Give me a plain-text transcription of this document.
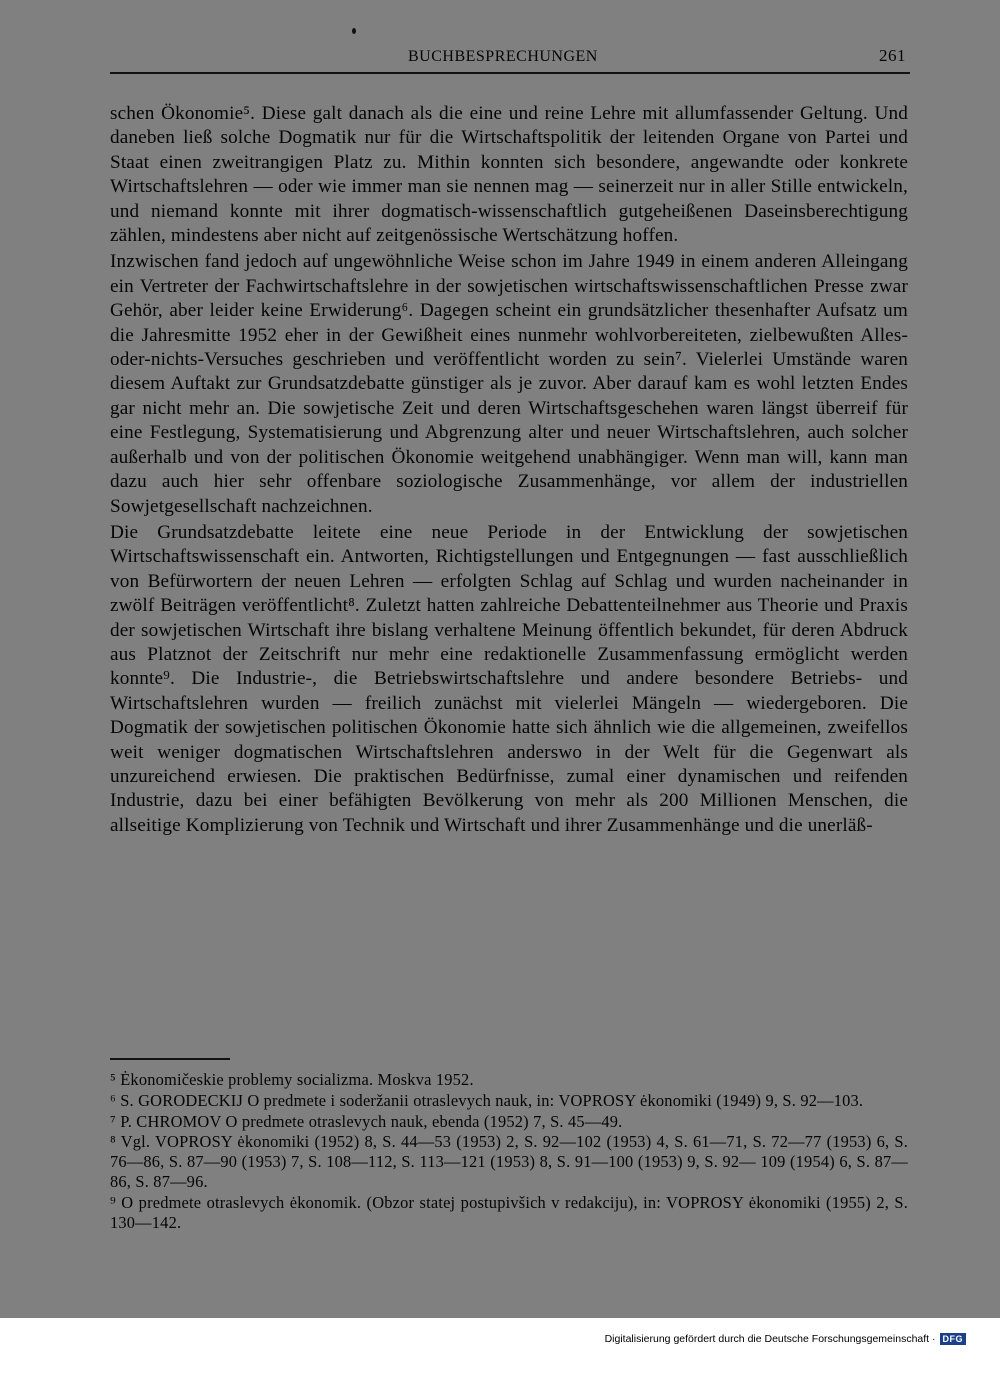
BUCHBESPRECHUNGEN	261

schen Ökonomie⁵. Diese galt danach als die eine und reine Lehre mit allumfassender Geltung. Und daneben ließ solche Dogmatik nur für die Wirtschaftspolitik der leitenden Organe von Partei und Staat einen zweitrangigen Platz zu. Mithin konnten sich besondere, angewandte oder konkrete Wirtschaftslehren — oder wie immer man sie nennen mag — seinerzeit nur in aller Stille entwickeln, und niemand konnte mit ihrer dogmatisch-wissenschaftlich gutgeheißenen Daseinsberechtigung zählen, mindestens aber nicht auf zeitgenössische Wertschätzung hoffen.

Inzwischen fand jedoch auf ungewöhnliche Weise schon im Jahre 1949 in einem anderen Alleingang ein Vertreter der Fachwirtschaftslehre in der sowjetischen wirtschaftswissenschaftlichen Presse zwar Gehör, aber leider keine Erwiderung⁶. Dagegen scheint ein grundsätzlicher thesenhafter Aufsatz um die Jahresmitte 1952 eher in der Gewißheit eines nunmehr wohlvorbereiteten, zielbewußten Alles-oder-nichts-Versuches geschrieben und veröffentlicht worden zu sein⁷. Vielerlei Umstände waren diesem Auftakt zur Grundsatzdebatte günstiger als je zuvor. Aber darauf kam es wohl letzten Endes gar nicht mehr an. Die sowjetische Zeit und deren Wirtschaftsgeschehen waren längst überreif für eine Festlegung, Systematisierung und Abgrenzung alter und neuer Wirtschaftslehren, auch solcher außerhalb und von der politischen Ökonomie weitgehend unabhängiger. Wenn man will, kann man dazu auch hier sehr offenbare soziologische Zusammenhänge, vor allem der industriellen Sowjetgesellschaft nachzeichnen.

Die Grundsatzdebatte leitete eine neue Periode in der Entwicklung der sowjetischen Wirtschaftswissenschaft ein. Antworten, Richtigstellungen und Entgegnungen — fast ausschließlich von Befürwortern der neuen Lehren — erfolgten Schlag auf Schlag und wurden nacheinander in zwölf Beiträgen veröffentlicht⁸. Zuletzt hatten zahlreiche Debattenteilnehmer aus Theorie und Praxis der sowjetischen Wirtschaft ihre bislang verhaltene Meinung öffentlich bekundet, für deren Abdruck aus Platznot der Zeitschrift nur mehr eine redaktionelle Zusammenfassung ermöglicht werden konnte⁹. Die Industrie-, die Betriebswirtschaftslehre und andere besondere Betriebs- und Wirtschaftslehren wurden — freilich zunächst mit vielerlei Mängeln — wiedergeboren. Die Dogmatik der sowjetischen politischen Ökonomie hatte sich ähnlich wie die allgemeinen, zweifellos weit weniger dogmatischen Wirtschaftslehren anderswo in der Welt für die Gegenwart als unzureichend erwiesen. Die praktischen Bedürfnisse, zumal einer dynamischen und reifenden Industrie, dazu bei einer befähigten Bevölkerung von mehr als 200 Millionen Menschen, die allseitige Komplizierung von Technik und Wirtschaft und ihrer Zusammenhänge und die unerläß-

⁵ Ėkonomičeskie problemy socializma. Moskva 1952.
⁶ S. GORODECKIJ O predmete i soderžanii otraslevych nauk, in: VOPROSY ėkonomiki (1949) 9, S. 92—103.
⁷ P. CHROMOV O predmete otraslevych nauk, ebenda (1952) 7, S. 45—49.
⁸ Vgl. VOPROSY ėkonomiki (1952) 8, S. 44—53 (1953) 2, S. 92—102 (1953) 4, S. 61—71, S. 72—77 (1953) 6, S. 76—86, S. 87—90 (1953) 7, S. 108—112, S. 113—121 (1953) 8, S. 91—100 (1953) 9, S. 92— 109 (1954) 6, S. 87—86, S. 87—96.
⁹ O predmete otraslevych ėkonomik. (Obzor statej postupivšich v redakciju), in: VOPROSY ėkonomiki (1955) 2, S. 130—142.
Digitalisierung gefördert durch die Deutsche Forschungsgemeinschaft · DFG
